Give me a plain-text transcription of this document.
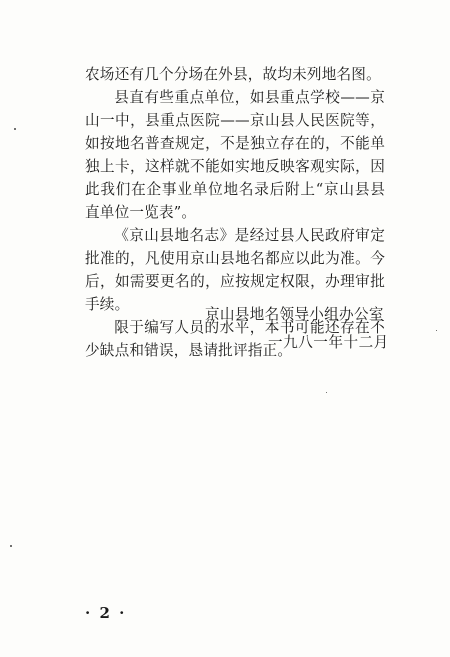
农场还有几个分场在外县，故均未列地名图。

县直有些重点单位，如县重点学校——京山一中，县重点医院——京山县人民医院等，如按地名普查规定，不是独立存在的，不能单独上卡，这样就不能如实地反映客观实际，因此我们在企事业单位地名录后附上“京山县县直单位一览表”。

《京山县地名志》是经过县人民政府审定批准的，凡使用京山县地名都应以此为准。今后，如需要更名的，应按规定权限，办理审批手续。

限于编写人员的水平，本书可能还存在不少缺点和错误，恳请批评指正。

京山县地名领导小组办公室
一九八一年十二月
· 2 ·
